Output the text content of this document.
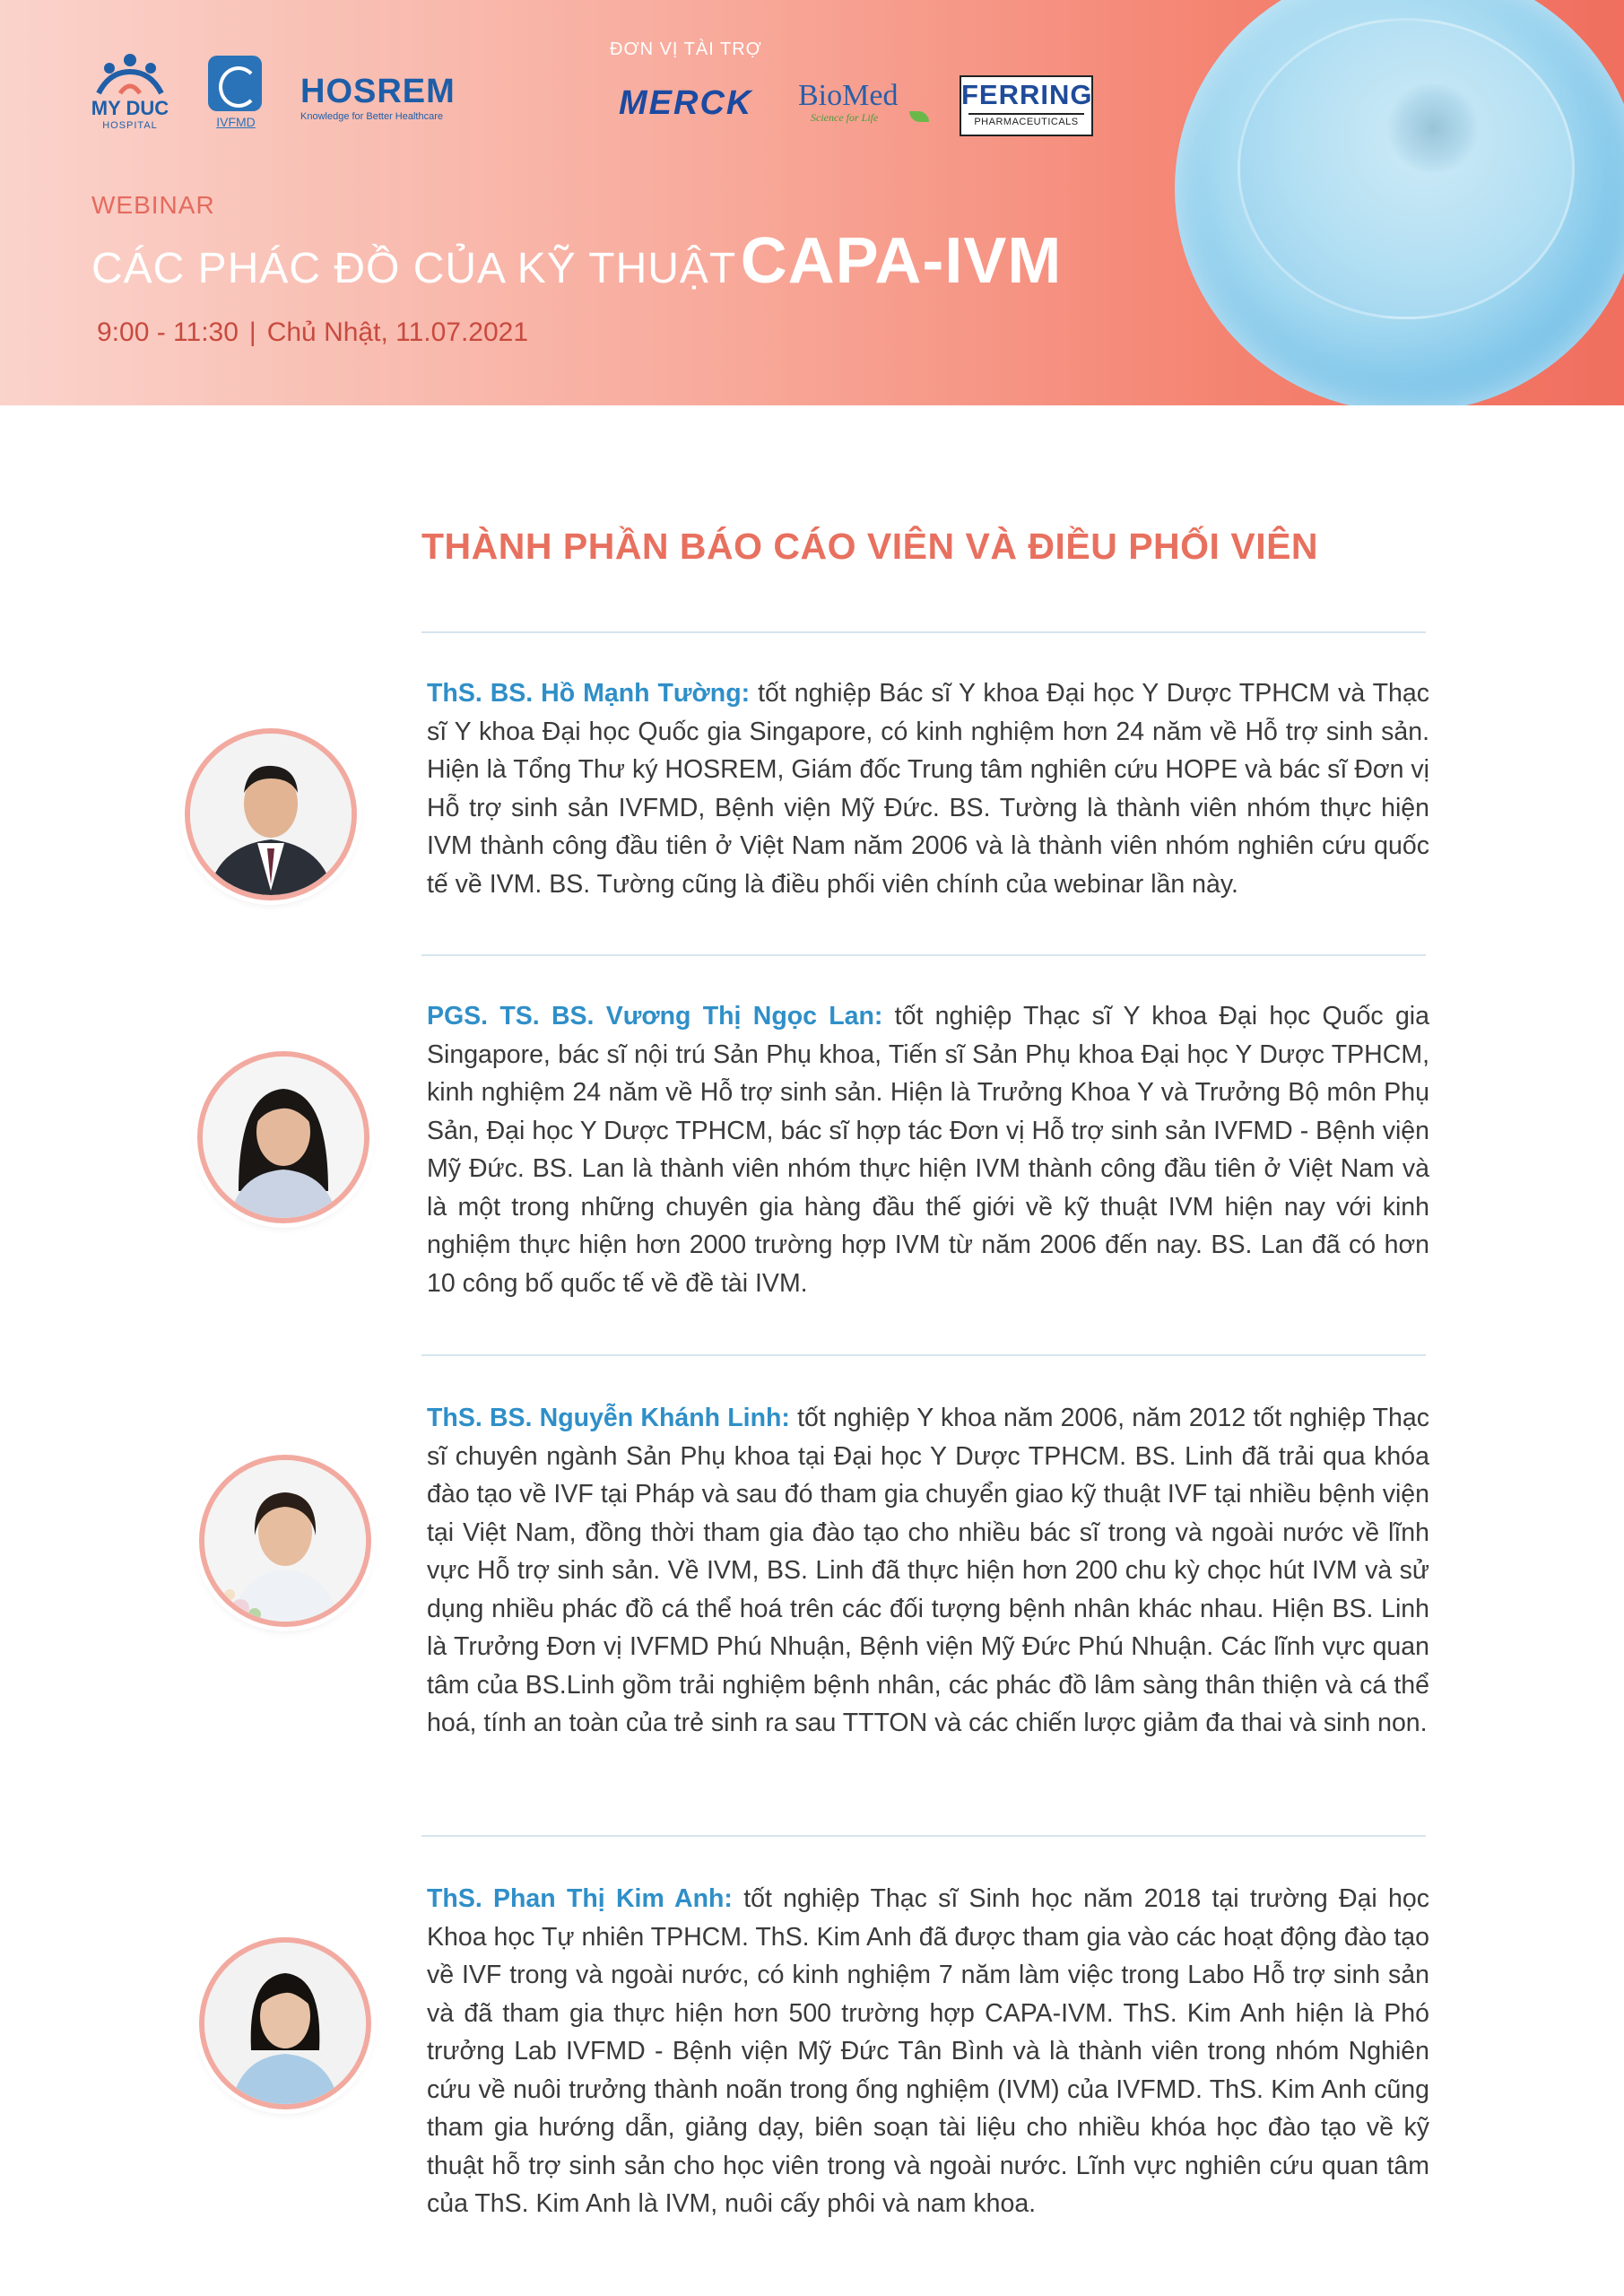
MY DUC
HOSPITAL	IVFMD
HOSREM
Knowledge for Better Healthcare
ĐƠN VỊ TÀI TRỢ
MERCK BioMed
Science for Life
FERRING
PHARMACEUTICALS
WEBINAR
CÁC PHÁC ĐỒ CỦA KỸ THUẬT CAPA-IVM
9:00 - 11:30 | Chủ Nhật, 11.07.2021
THÀNH PHẦN BÁO CÁO VIÊN VÀ ĐIỀU PHỐI VIÊN
ThS. BS. Hồ Mạnh Tường: tốt nghiệp Bác sĩ Y khoa Đại học Y Dược TPHCM và Thạc sĩ Y khoa Đại học Quốc gia Singapore, có kinh nghiệm hơn 24 năm về Hỗ trợ sinh sản. Hiện là Tổng Thư ký HOSREM, Giám đốc Trung tâm nghiên cứu HOPE và bác sĩ Đơn vị Hỗ trợ sinh sản IVFMD, Bệnh viện Mỹ Đức. BS. Tường là thành viên nhóm thực hiện IVM thành công đầu tiên ở Việt Nam năm 2006 và là thành viên nhóm nghiên cứu quốc tế về IVM. BS. Tường cũng là điều phối viên chính của webinar lần này.
PGS. TS. BS. Vương Thị Ngọc Lan: tốt nghiệp Thạc sĩ Y khoa Đại học Quốc gia Singapore, bác sĩ nội trú Sản Phụ khoa, Tiến sĩ Sản Phụ khoa Đại học Y Dược TPHCM, kinh nghiệm 24 năm về Hỗ trợ sinh sản. Hiện là Trưởng Khoa Y và Trưởng Bộ môn Phụ Sản, Đại học Y Dược TPHCM, bác sĩ hợp tác Đơn vị Hỗ trợ sinh sản IVFMD - Bệnh viện Mỹ Đức. BS. Lan là thành viên nhóm thực hiện IVM thành công đầu tiên ở Việt Nam và là một trong những chuyên gia hàng đầu thế giới về kỹ thuật IVM hiện nay với kinh nghiệm thực hiện hơn 2000 trường hợp IVM từ năm 2006 đến nay. BS. Lan đã có hơn 10 công bố quốc tế về đề tài IVM.
ThS. BS. Nguyễn Khánh Linh: tốt nghiệp Y khoa năm 2006, năm 2012 tốt nghiệp Thạc sĩ chuyên ngành Sản Phụ khoa tại Đại học Y Dược TPHCM. BS. Linh đã trải qua khóa đào tạo về IVF tại Pháp và sau đó tham gia chuyển giao kỹ thuật IVF tại nhiều bệnh viện tại Việt Nam, đồng thời tham gia đào tạo cho nhiều bác sĩ trong và ngoài nước về lĩnh vực Hỗ trợ sinh sản. Về IVM, BS. Linh đã thực hiện hơn 200 chu kỳ chọc hút IVM và sử dụng nhiều phác đồ cá thể hoá trên các đối tượng bệnh nhân khác nhau. Hiện BS. Linh là Trưởng Đơn vị IVFMD Phú Nhuận, Bệnh viện Mỹ Đức Phú Nhuận. Các lĩnh vực quan tâm của BS.Linh gồm trải nghiệm bệnh nhân, các phác đồ lâm sàng thân thiện và cá thể hoá, tính an toàn của trẻ sinh ra sau TTTON và các chiến lược giảm đa thai và sinh non.
ThS. Phan Thị Kim Anh: tốt nghiệp Thạc sĩ Sinh học năm 2018 tại trường Đại học Khoa học Tự nhiên TPHCM. ThS. Kim Anh đã được tham gia vào các hoạt động đào tạo về IVF trong và ngoài nước, có kinh nghiệm 7 năm làm việc trong Labo Hỗ trợ sinh sản và đã tham gia thực hiện hơn 500 trường hợp CAPA-IVM. ThS. Kim Anh hiện là Phó trưởng Lab IVFMD - Bệnh viện Mỹ Đức Tân Bình và là thành viên trong nhóm Nghiên cứu về nuôi trưởng thành noãn trong ống nghiệm (IVM) của IVFMD. ThS. Kim Anh cũng tham gia hướng dẫn, giảng dạy, biên soạn tài liệu cho nhiều khóa học đào tạo về kỹ thuật hỗ trợ sinh sản cho học viên trong và ngoài nước. Lĩnh vực nghiên cứu quan tâm của ThS. Kim Anh là IVM, nuôi cấy phôi và nam khoa.
